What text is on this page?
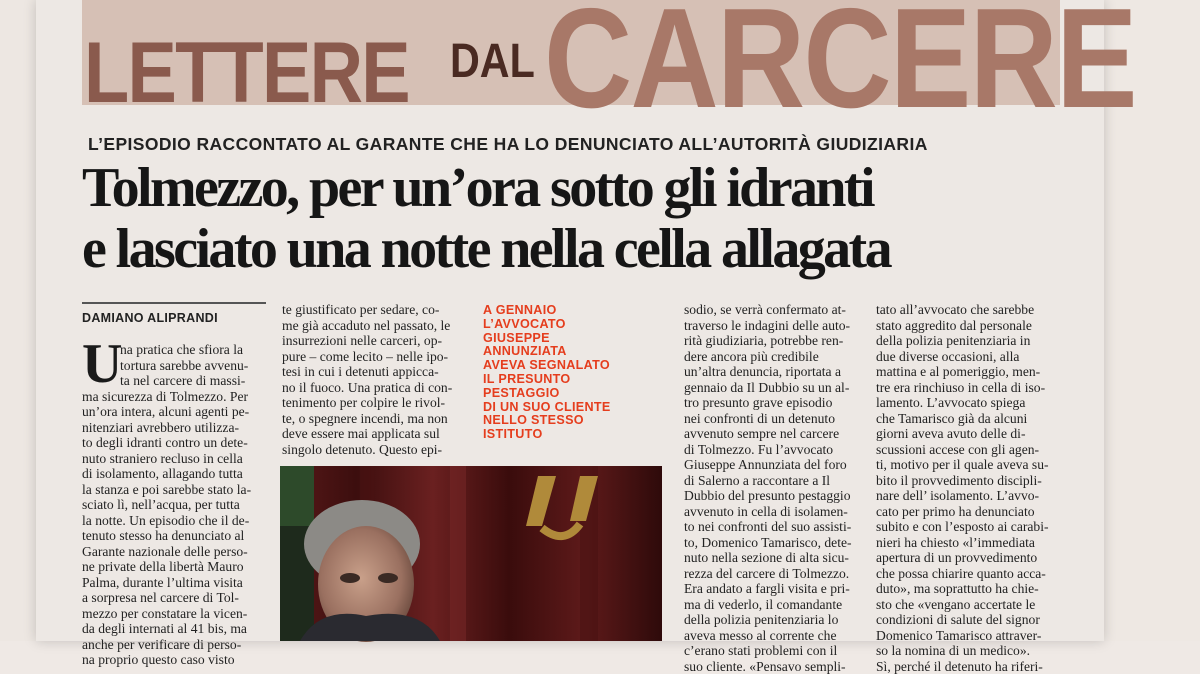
LETTERE DAL CARCERE
L’EPISODIO RACCONTATO AL GARANTE CHE HA LO DENUNCIATO ALL’AUTORITÀ GIUDIZIARIA
Tolmezzo, per un’ora sotto gli idranti
e lasciato una notte nella cella allagata
DAMIANO ALIPRANDI
U
na pratica che sfiora la
tortura sarebbe avvenu-
ta nel carcere di massi-
ma sicurezza di Tolmezzo. Per
un’ora intera, alcuni agenti pe-
nitenziari avrebbero utilizza-
to degli idranti contro un dete-
nuto straniero recluso in cella
di isolamento, allagando tutta
la stanza e poi sarebbe stato la-
sciato lì, nell’acqua, per tutta
la notte. Un episodio che il de-
tenuto stesso ha denunciato al
Garante nazionale delle perso-
ne private della libertà Mauro
Palma, durante l’ultima visita
a sorpresa nel carcere di Tol-
mezzo per constatare la vicen-
da degli internati al 41 bis, ma
anche per verificare di perso-
na proprio questo caso visto
te giustificato per sedare, co-
me già accaduto nel passato, le
insurrezioni nelle carceri, op-
pure – come lecito – nelle ipo-
tesi in cui i detenuti appicca-
no il fuoco. Una pratica di con-
tenimento per colpire le rivol-
te, o spegnere incendi, ma non
deve essere mai applicata sul
singolo detenuto. Questo epi-
A GENNAIO
L’AVVOCATO
GIUSEPPE
ANNUNZIATA
AVEVA SEGNALATO
IL PRESUNTO
PESTAGGIO
DI UN SUO CLIENTE
NELLO STESSO
ISTITUTO
sodio, se verrà confermato at-
traverso le indagini delle auto-
rità giudiziaria, potrebbe ren-
dere ancora più credibile
un’altra denuncia, riportata a
gennaio da Il Dubbio su un al-
tro presunto grave episodio
nei confronti di un detenuto
avvenuto sempre nel carcere
di Tolmezzo. Fu l’avvocato
Giuseppe Annunziata del foro
di Salerno a raccontare a Il
Dubbio del presunto pestaggio
avvenuto in cella di isolamen-
to nei confronti del suo assisti-
to, Domenico Tamarisco, dete-
nuto nella sezione di alta sicu-
rezza del carcere di Tolmezzo.
Era andato a fargli visita e pri-
ma di vederlo, il comandante
della polizia penitenziaria lo
aveva messo al corrente che
c’erano stati problemi con il
suo cliente. «Pensavo sempli-
tato all’avvocato che sarebbe
stato aggredito dal personale
della polizia penitenziaria in
due diverse occasioni, alla
mattina e al pomeriggio, men-
tre era rinchiuso in cella di iso-
lamento. L’avvocato spiega
che Tamarisco già da alcuni
giorni aveva avuto delle di-
scussioni accese con gli agen-
ti, motivo per il quale aveva su-
bito il provvedimento discipli-
nare dell’ isolamento. L’avvo-
cato per primo ha denunciato
subito e con l’esposto ai carabi-
nieri ha chiesto «l’immediata
apertura di un provvedimento
che possa chiarire quanto acca-
duto», ma soprattutto ha chie-
sto che «vengano accertate le
condizioni di salute del signor
Domenico Tamarisco attraver-
so la nomina di un medico».
Sì, perché il detenuto ha riferi-
